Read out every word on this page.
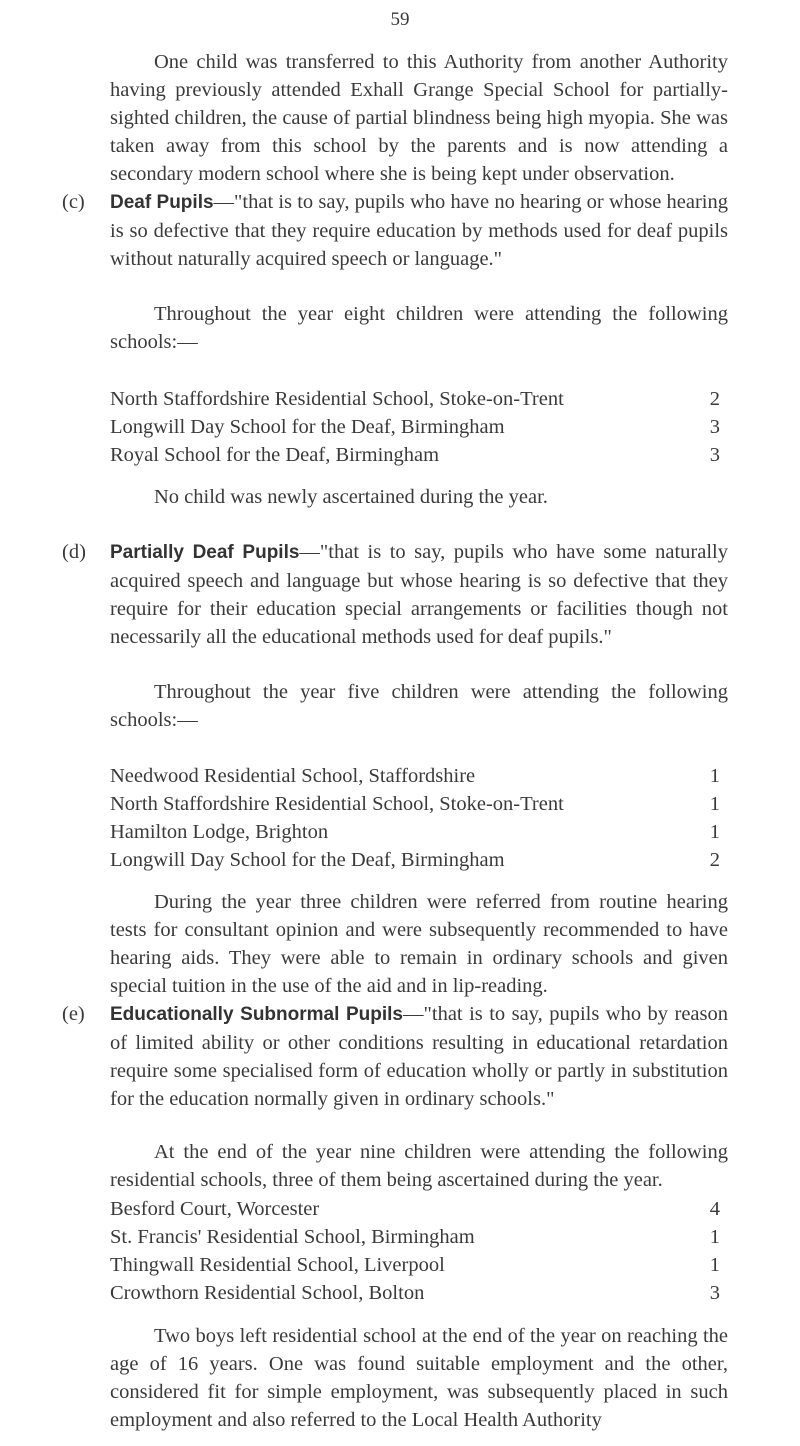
59

One child was transferred to this Authority from another Authority having previously attended Exhall Grange Special School for partially-sighted children, the cause of partial blindness being high myopia. She was taken away from this school by the parents and is now attending a secondary modern school where she is being kept under observation.

(c) Deaf Pupils—"that is to say, pupils who have no hearing or whose hearing is so defective that they require education by methods used for deaf pupils without naturally acquired speech or language."

Throughout the year eight children were attending the following schools:—

North Staffordshire Residential School, Stoke-on-Trent	2
Longwill Day School for the Deaf, Birmingham	3
Royal School for the Deaf, Birmingham	3

No child was newly ascertained during the year.

(d) Partially Deaf Pupils—"that is to say, pupils who have some naturally acquired speech and language but whose hearing is so defective that they require for their education special arrangements or facilities though not necessarily all the educational methods used for deaf pupils."

Throughout the year five children were attending the following schools:—

Needwood Residential School, Staffordshire	1
North Staffordshire Residential School, Stoke-on-Trent	1
Hamilton Lodge, Brighton	1
Longwill Day School for the Deaf, Birmingham	2

During the year three children were referred from routine hearing tests for consultant opinion and were subsequently recommended to have hearing aids. They were able to remain in ordinary schools and given special tuition in the use of the aid and in lip-reading.

(e) Educationally Subnormal Pupils—"that is to say, pupils who by reason of limited ability or other conditions resulting in educational retardation require some specialised form of education wholly or partly in substitution for the education normally given in ordinary schools."

At the end of the year nine children were attending the following residential schools, three of them being ascertained during the year.

Besford Court, Worcester	4
St. Francis' Residential School, Birmingham	1
Thingwall Residential School, Liverpool	1
Crowthorn Residential School, Bolton	3

Two boys left residential school at the end of the year on reaching the age of 16 years. One was found suitable employment and the other, considered fit for simple employment, was subsequently placed in such employment and also referred to the Local Health Authority
